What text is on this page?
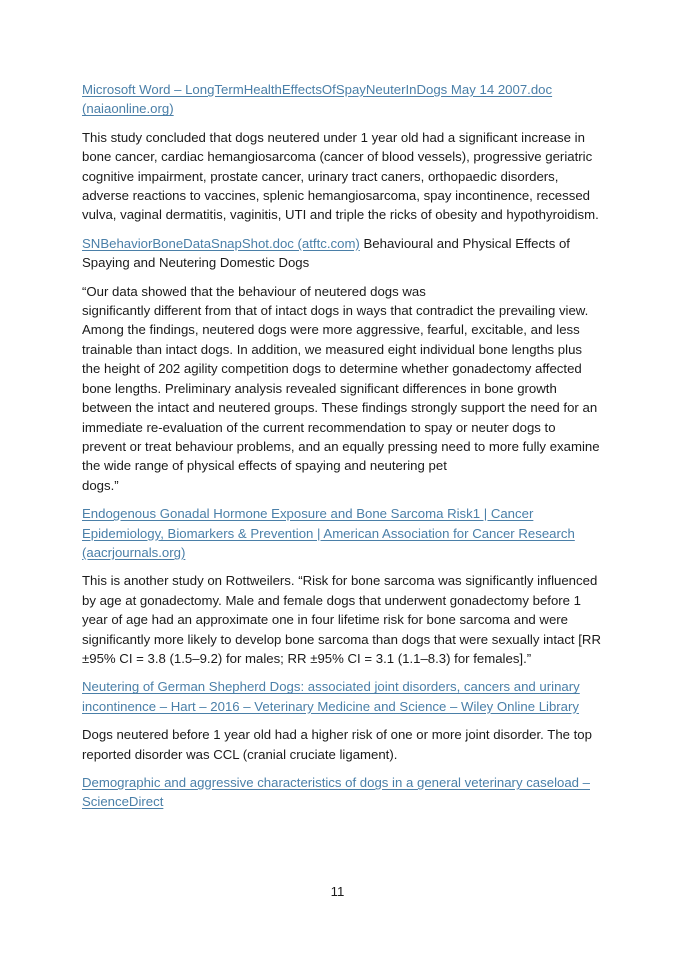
Microsoft Word – LongTermHealthEffectsOfSpayNeuterInDogs May 14 2007.doc (naiaonline.org)

This study concluded that dogs neutered under 1 year old had a significant increase in bone cancer, cardiac hemangiosarcoma (cancer of blood vessels), progressive geriatric cognitive impairment, prostate cancer, urinary tract caners, orthopaedic disorders, adverse reactions to vaccines, splenic hemangiosarcoma, spay incontinence, recessed vulva, vaginal dermatitis, vaginitis, UTI and triple the ricks of obesity and hypothyroidism.

SNBehaviorBoneDataSnapShot.doc (atftc.com) Behavioural and Physical Effects of Spaying and Neutering Domestic Dogs

“Our data showed that the behaviour of neutered dogs was
significantly different from that of intact dogs in ways that contradict the prevailing view. Among the findings, neutered dogs were more aggressive, fearful, excitable, and less trainable than intact dogs. In addition, we measured eight individual bone lengths plus the height of 202 agility competition dogs to determine whether gonadectomy affected bone lengths. Preliminary analysis revealed significant differences in bone growth between the intact and neutered groups. These findings strongly support the need for an immediate re-evaluation of the current recommendation to spay or neuter dogs to prevent or treat behaviour problems, and an equally pressing need to more fully examine the wide range of physical effects of spaying and neutering pet
dogs.”

Endogenous Gonadal Hormone Exposure and Bone Sarcoma Risk1 | Cancer Epidemiology, Biomarkers & Prevention | American Association for Cancer Research (aacrjournals.org)

This is another study on Rottweilers. “Risk for bone sarcoma was significantly influenced by age at gonadectomy. Male and female dogs that underwent gonadectomy before 1 year of age had an approximate one in four lifetime risk for bone sarcoma and were significantly more likely to develop bone sarcoma than dogs that were sexually intact [RR ±95% CI = 3.8 (1.5–9.2) for males; RR ±95% CI = 3.1 (1.1–8.3) for females].”

Neutering of German Shepherd Dogs: associated joint disorders, cancers and urinary incontinence – Hart – 2016 – Veterinary Medicine and Science – Wiley Online Library

Dogs neutered before 1 year old had a higher risk of one or more joint disorder. The top reported disorder was CCL (cranial cruciate ligament).

Demographic and aggressive characteristics of dogs in a general veterinary caseload – ScienceDirect

11
